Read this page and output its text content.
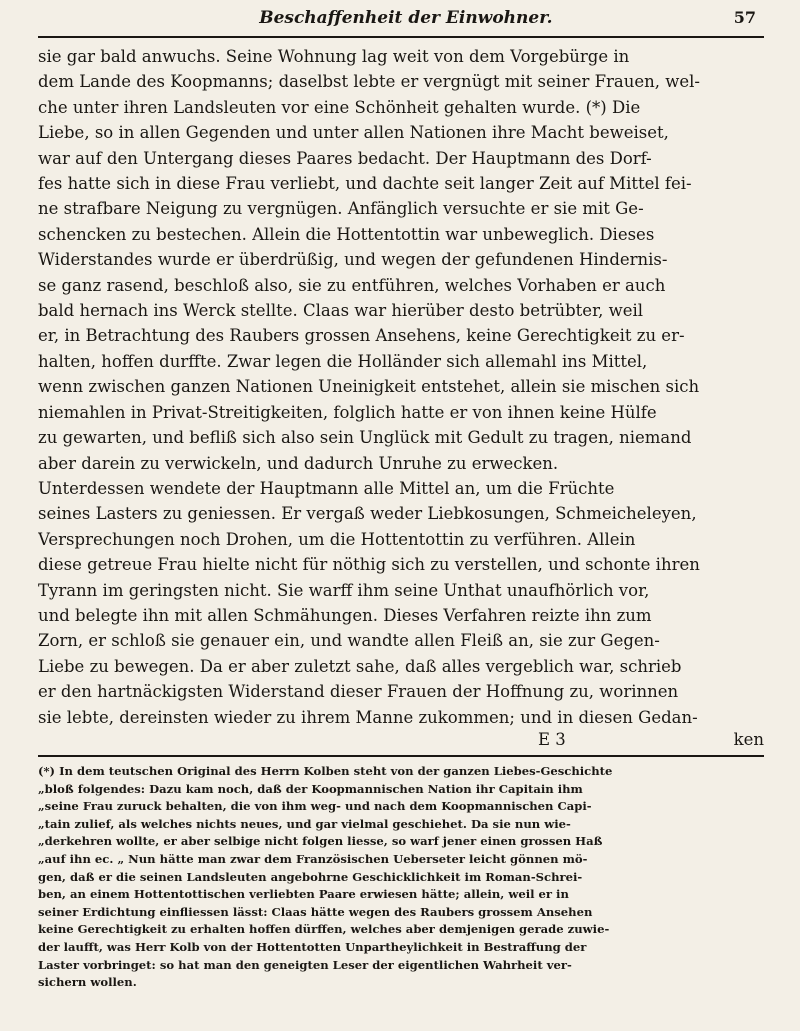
Beschaffenheit der Einwohner.	57
sie gar bald anwuchs. Seine Wohnung lag weit von dem Vorgebürge in
dem Lande des Koopmanns; daselbst lebte er vergnügt mit seiner Frauen, wel-
che unter ihren Landsleuten vor eine Schönheit gehalten wurde. (*) Die
Liebe, so in allen Gegenden und unter allen Nationen ihre Macht beweiset,
war auf den Untergang dieses Paares bedacht. Der Hauptmann des Dorf-
fes hatte sich in diese Frau verliebt, und dachte seit langer Zeit auf Mittel fei-
ne strafbare Neigung zu vergnügen. Anfänglich versuchte er sie mit Ge-
schencken zu bestechen. Allein die Hottentottin war unbeweglich. Dieses
Widerstandes wurde er überdrüßig, und wegen der gefundenen Hindernis-
se ganz rasend, beschloß also, sie zu entführen, welches Vorhaben er auch
bald hernach ins Werck stellte. Claas war hierüber desto betrübter, weil
er, in Betrachtung des Raubers grossen Ansehens, keine Gerechtigkeit zu er-
halten, hoffen durffte. Zwar legen die Holländer sich allemahl ins Mittel,
wenn zwischen ganzen Nationen Uneinigkeit entstehet, allein sie mischen sich
niemahlen in Privat-Streitigkeiten, folglich hatte er von ihnen keine Hülfe
zu gewarten, und befliß sich also sein Unglück mit Gedult zu tragen, niemand
aber darein zu verwickeln, und dadurch Unruhe zu erwecken.
Unterdessen wendete der Hauptmann alle Mittel an, um die Früchte
seines Lasters zu geniessen. Er vergaß weder Liebkosungen, Schmeicheleyen,
Versprechungen noch Drohen, um die Hottentottin zu verführen. Allein
diese getreue Frau hielte nicht für nöthig sich zu verstellen, und schonte ihren
Tyrann im geringsten nicht. Sie warff ihm seine Unthat unaufhörlich vor,
und belegte ihn mit allen Schmähungen. Dieses Verfahren reizte ihn zum
Zorn, er schloß sie genauer ein, und wandte allen Fleiß an, sie zur Gegen-
Liebe zu bewegen. Da er aber zuletzt sahe, daß alles vergeblich war, schrieb
er den hartnäckigsten Widerstand dieser Frauen der Hoffnung zu, worinnen
sie lebte, dereinsten wieder zu ihrem Manne zukommen; und in diesen Gedan-
E 3	ken
(*) In dem teutschen Original des Herrn Kolben steht von der ganzen Liebes-Geschichte
„bloß folgendes: Dazu kam noch, daß der Koopmannischen Nation ihr Capitain ihm
„seine Frau zuruck behalten, die von ihm weg- und nach dem Koopmannischen Capi-
„tain zulief, als welches nichts neues, und gar vielmal geschiehet. Da sie nun wie-
„derkehren wollte, er aber selbige nicht folgen liesse, so warf jener einen grossen Haß
„auf ihn ec. „ Nun hätte man zwar dem Französischen Ueberseter leicht gönnen mö-
gen, daß er die seinen Landsleuten angebohrne Geschicklichkeit im Roman-Schrei-
ben, an einem Hottentottischen verliebten Paare erwiesen hätte; allein, weil er in
seiner Erdichtung einfliessen lässt: Claas hätte wegen des Raubers grossem Ansehen
keine Gerechtigkeit zu erhalten hoffen dürffen, welches aber demjenigen gerade zuwie-
der laufft, was Herr Kolb von der Hottentotten Unpartheylichkeit in Bestraffung der
Laster vorbringet: so hat man den geneigten Leser der eigentlichen Wahrheit ver-
sichern wollen.
